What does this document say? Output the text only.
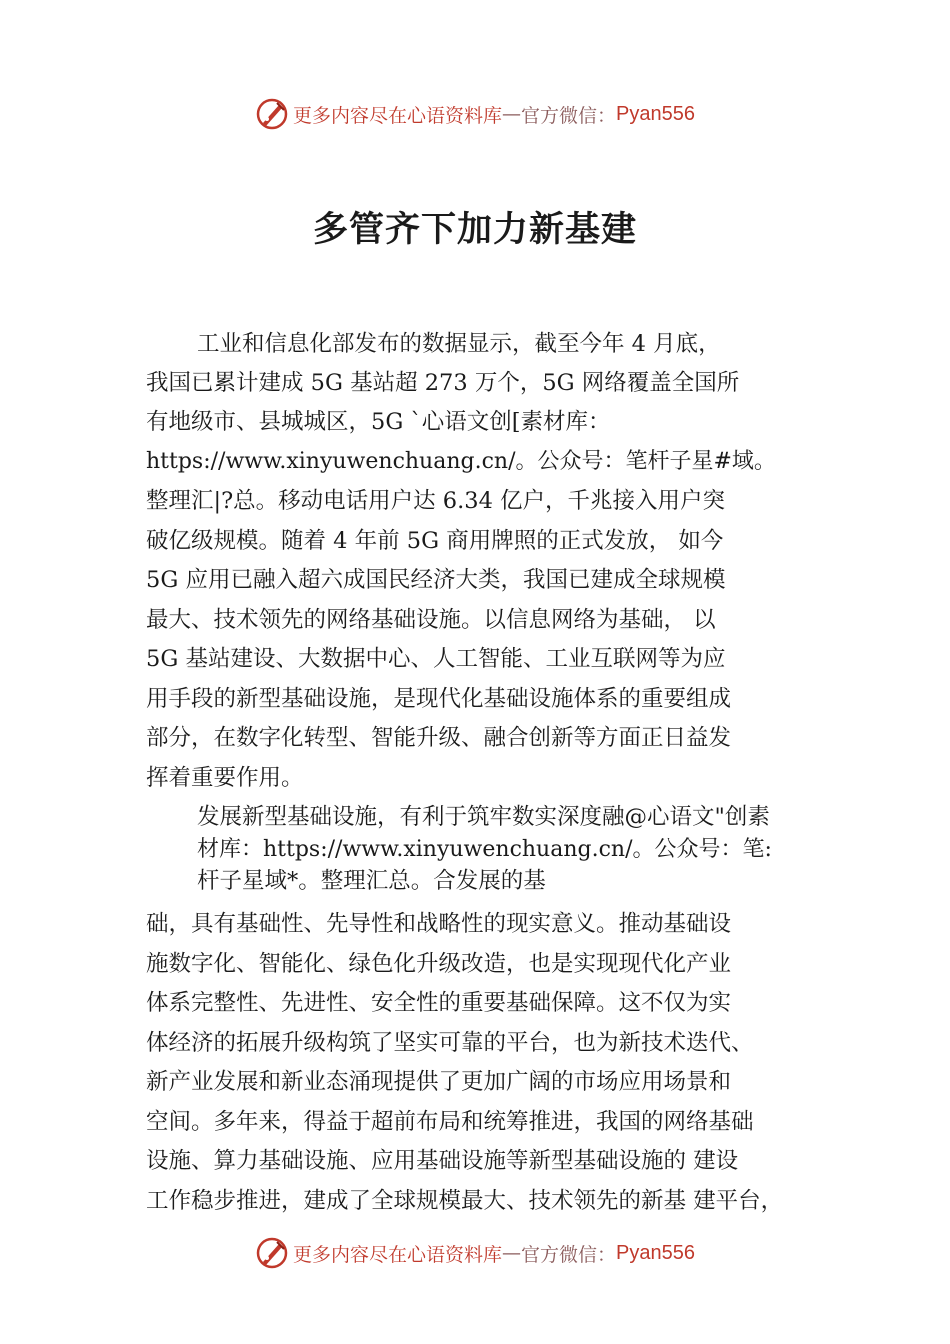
更多内容尽在心语资料库 — 官方微信： Pyan556
多管齐下加力新基建
工业和信息化部发布的数据显示，截至今年 4 月底，
我国已累计建成 5G 基站超 273 万个，5G 网络覆盖全国所
有地级市、县城城区，5G `心语文创[素材库：
https://www.xinyuwenchuang.cn/。公众号：笔杆子星#域。
整理汇|?总。移动电话用户达 6.34 亿户，千兆接入用户突
破亿级规模。随着 4 年前 5G 商用牌照的正式发放， 如今
5G 应用已融入超六成国民经济大类，我国已建成全球规模
最大、技术领先的网络基础设施。以信息网络为基础， 以
5G 基站建设、大数据中心、人工智能、工业互联网等为应
用手段的新型基础设施，是现代化基础设施体系的重要组成
部分，在数字化转型、智能升级、融合创新等方面正日益发
挥着重要作用。
发展新型基础设施，有利于筑牢数实深度融@心语文"创素
材库：https://www.xinyuwenchuang.cn/。公众号：笔:
杆子星域*。整理汇总。合发展的基
础，具有基础性、先导性和战略性的现实意义。推动基础设
施数字化、智能化、绿色化升级改造，也是实现现代化产业
体系完整性、先进性、安全性的重要基础保障。这不仅为实
体经济的拓展升级构筑了坚实可靠的平台，也为新技术迭代、
新产业发展和新业态涌现提供了更加广阔的市场应用场景和
空间。多年来，得益于超前布局和统筹推进，我国的网络基础
设施、算力基础设施、应用基础设施等新型基础设施的 建设
工作稳步推进，建成了全球规模最大、技术领先的新基 建平台，
更多内容尽在心语资料库 — 官方微信： Pyan556
